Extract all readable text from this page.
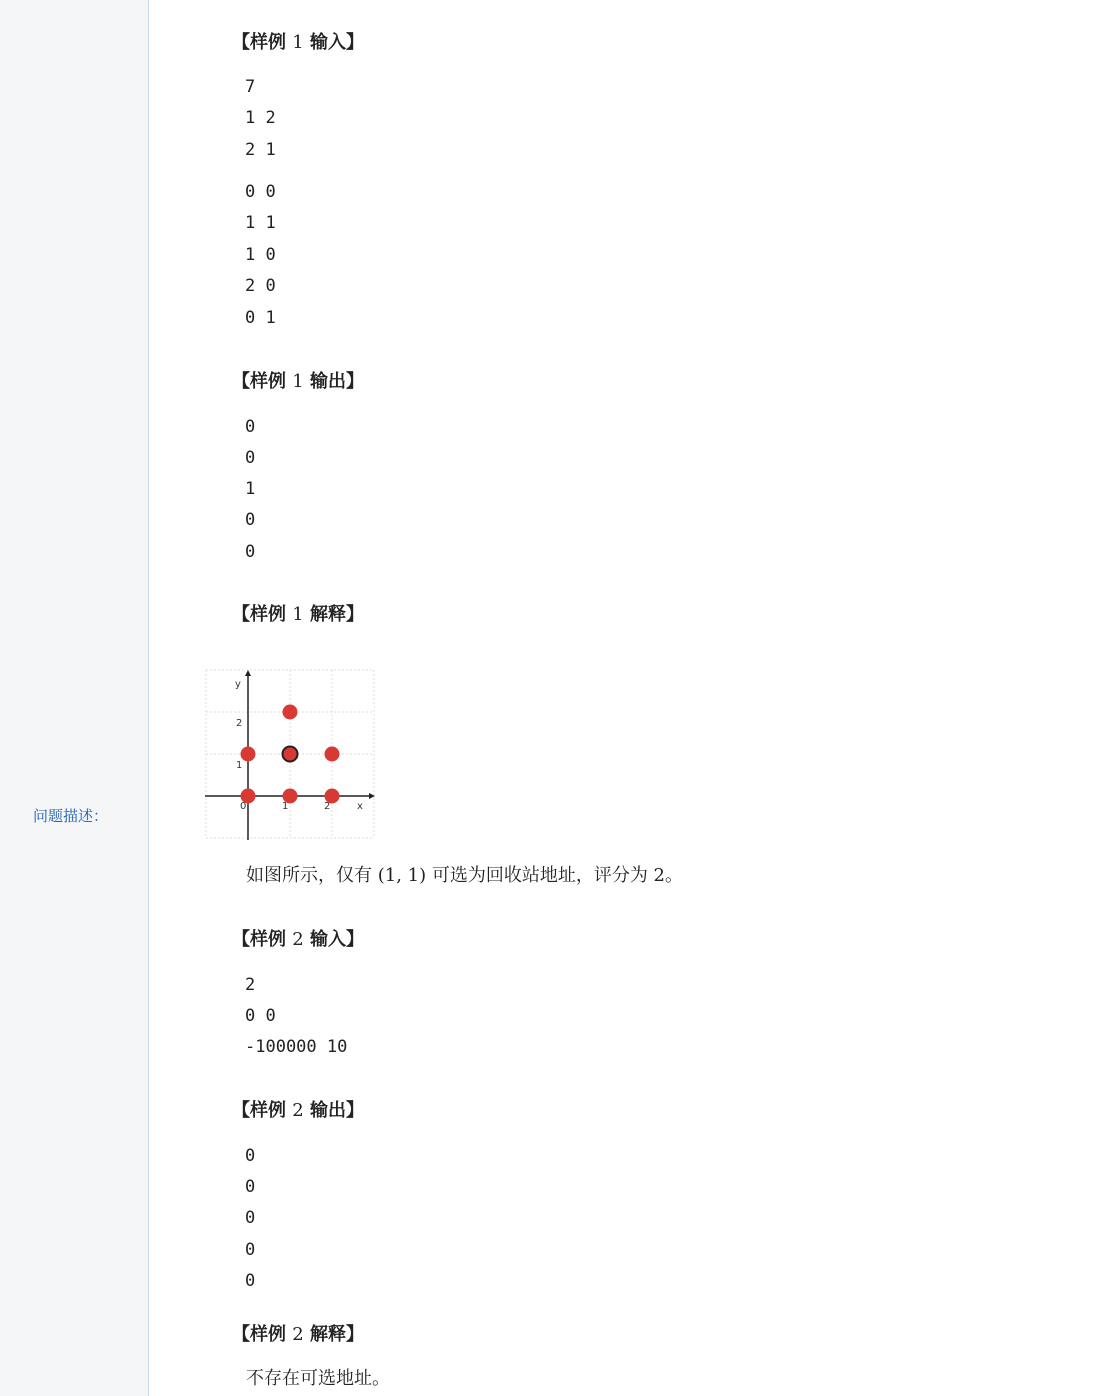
问题描述：
【样例 1 输入】
【样例 1 输出】
【样例 1 解释】
【样例 2 输入】
【样例 2 输出】
【样例 2 解释】
7
1 2
2 1
0 0
1 1
1 0
2 0
0 1
0
0
1
0
0
2
0 0
-100000 10
0
0
0
0
0
如图所示，仅有 (1, 1) 可选为回收站地址，评分为 2。
不存在可选地址。
0	1	2
1
2
x
y
